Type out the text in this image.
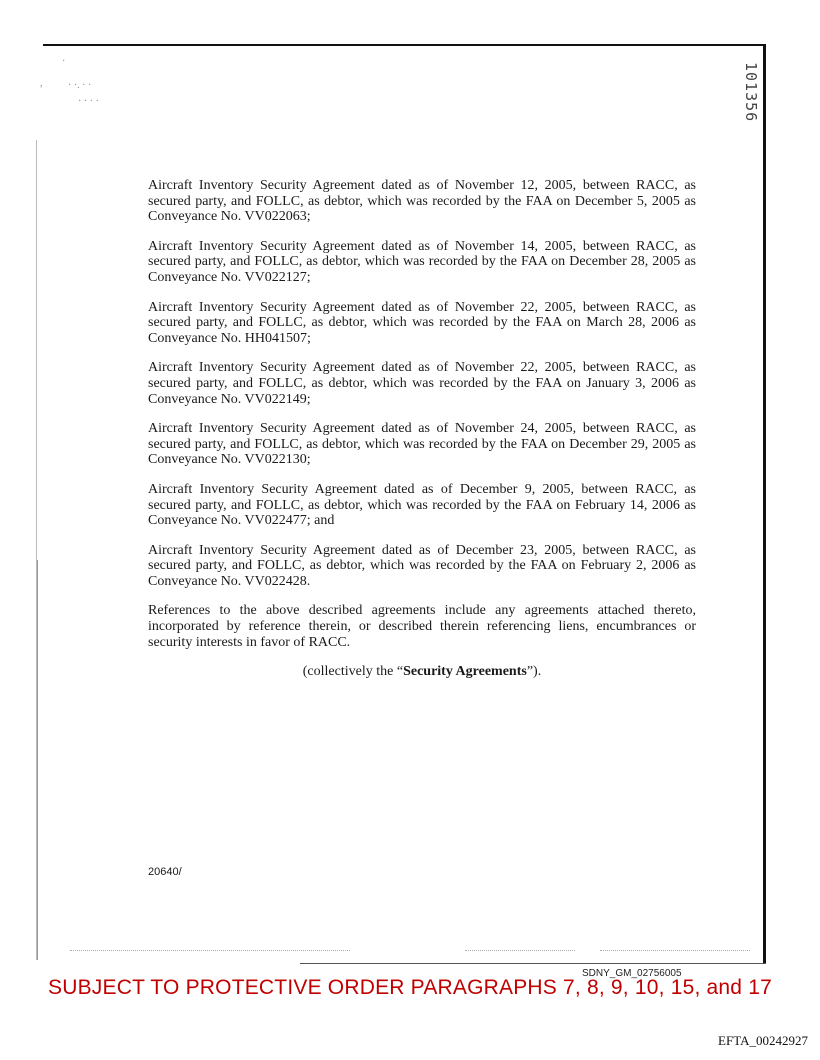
·
,	· ·. · ·
· · · ·	101356

Aircraft Inventory Security Agreement dated as of November 12, 2005, between RACC, as secured party, and FOLLC, as debtor, which was recorded by the FAA on December 5, 2005 as Conveyance No. VV022063;

Aircraft Inventory Security Agreement dated as of November 14, 2005, between RACC, as secured party, and FOLLC, as debtor, which was recorded by the FAA on December 28, 2005 as Conveyance No. VV022127;

Aircraft Inventory Security Agreement dated as of November 22, 2005, between RACC, as secured party, and FOLLC, as debtor, which was recorded by the FAA on March 28, 2006 as Conveyance No. HH041507;

Aircraft Inventory Security Agreement dated as of November 22, 2005, between RACC, as secured party, and FOLLC, as debtor, which was recorded by the FAA on January 3, 2006 as Conveyance No. VV022149;

Aircraft Inventory Security Agreement dated as of November 24, 2005, between RACC, as secured party, and FOLLC, as debtor, which was recorded by the FAA on December 29, 2005 as Conveyance No. VV022130;

Aircraft Inventory Security Agreement dated as of December 9, 2005, between RACC, as secured party, and FOLLC, as debtor, which was recorded by the FAA on February 14, 2006 as Conveyance No. VV022477; and

Aircraft Inventory Security Agreement dated as of December 23, 2005, between RACC, as secured party, and FOLLC, as debtor, which was recorded by the FAA on February 2, 2006 as Conveyance No. VV022428.

References to the above described agreements include any agreements attached thereto, incorporated by reference therein, or described therein referencing liens, encumbrances or security interests in favor of RACC.

(collectively the “Security Agreements”).

20640/
SDNY_GM_02756005
SUBJECT TO PROTECTIVE ORDER PARAGRAPHS 7, 8, 9, 10, 15, and 17
EFTA_00242927
